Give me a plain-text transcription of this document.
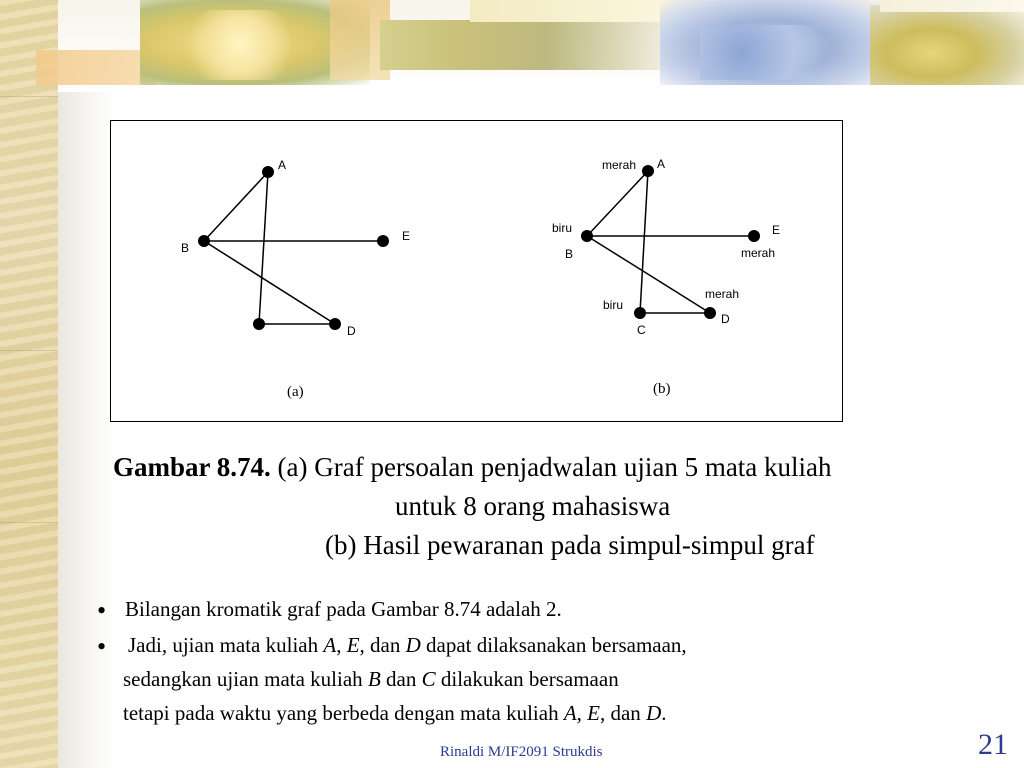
A
B
E
D
(a)
A
merah
biru
B
E
merah
merah
D
biru
C
(b)
Gambar 8.74. (a) Graf persoalan penjadwalan ujian 5 mata kuliah
untuk 8 orang mahasiswa
(b) Hasil pewaranan pada simpul-simpul graf
• Bilangan kromatik graf pada Gambar 8.74 adalah 2.
• Jadi, ujian mata kuliah A, E, dan D dapat dilaksanakan bersamaan,
sedangkan ujian mata kuliah B dan C dilakukan bersamaan
tetapi pada waktu yang berbeda dengan mata kuliah A, E, dan D.
Rinaldi M/IF2091 Strukdis	21
